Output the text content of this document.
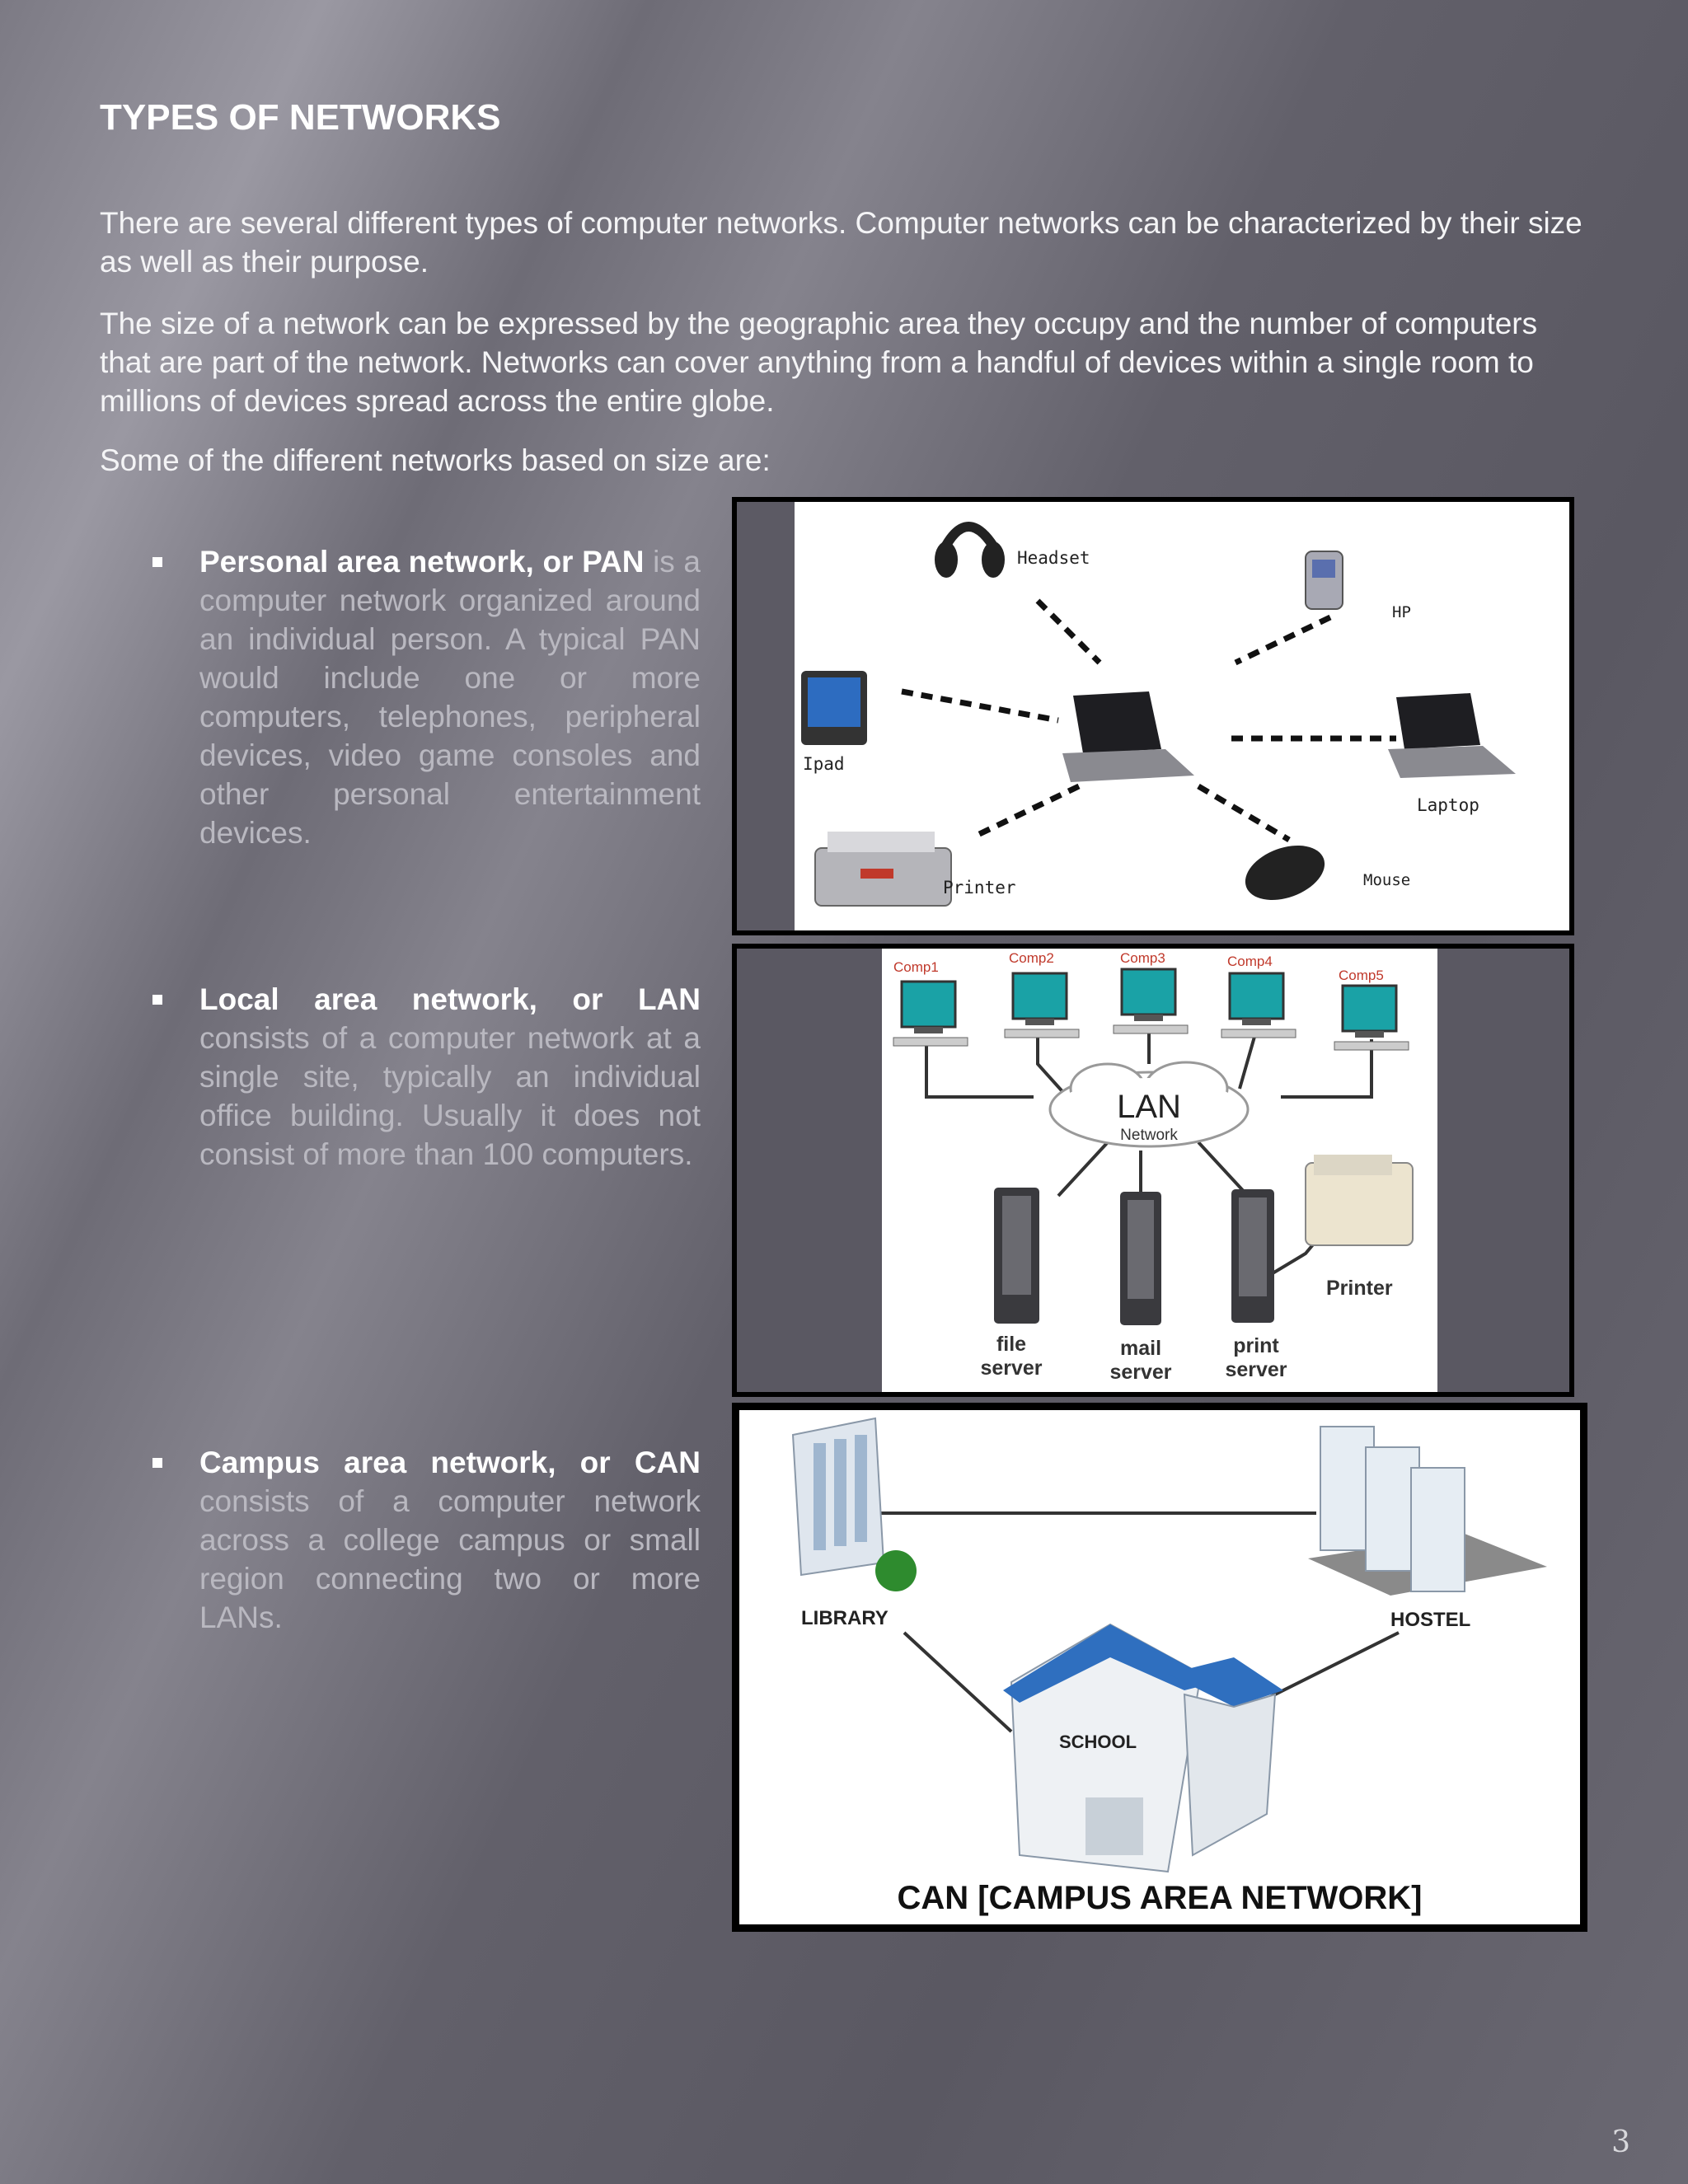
TYPES OF NETWORKS
There are several different types of computer networks. Computer networks can be characterized by their size as well as their purpose.
The size of a network can be expressed by the geographic area they occupy and the number of computers that are part of the network. Networks can cover anything from a handful of devices within a single room to millions of devices spread across the entire globe.
Some of the different networks based on size are:
Personal area network, or PAN is a computer network organized around an individual person. A typical PAN would include one or more computers, telephones, peripheral devices, video game consoles and other personal entertainment devices.
Local area network, or LAN consists of a computer network at a single site, typically an individual office building. Usually it does not consist of more than 100 computers.
Campus area network, or CAN consists of a computer network across a college campus or small region connecting two or more LANs.
Headset
HP
Ipad
Laptop
Printer	Mouse
Comp1
Comp2	Comp3	Comp4
Comp5
LAN
Network
Printer
file
server
mail
server
print
server
LIBRARY	HOSTEL
SCHOOL
CAN [CAMPUS AREA NETWORK]
3
